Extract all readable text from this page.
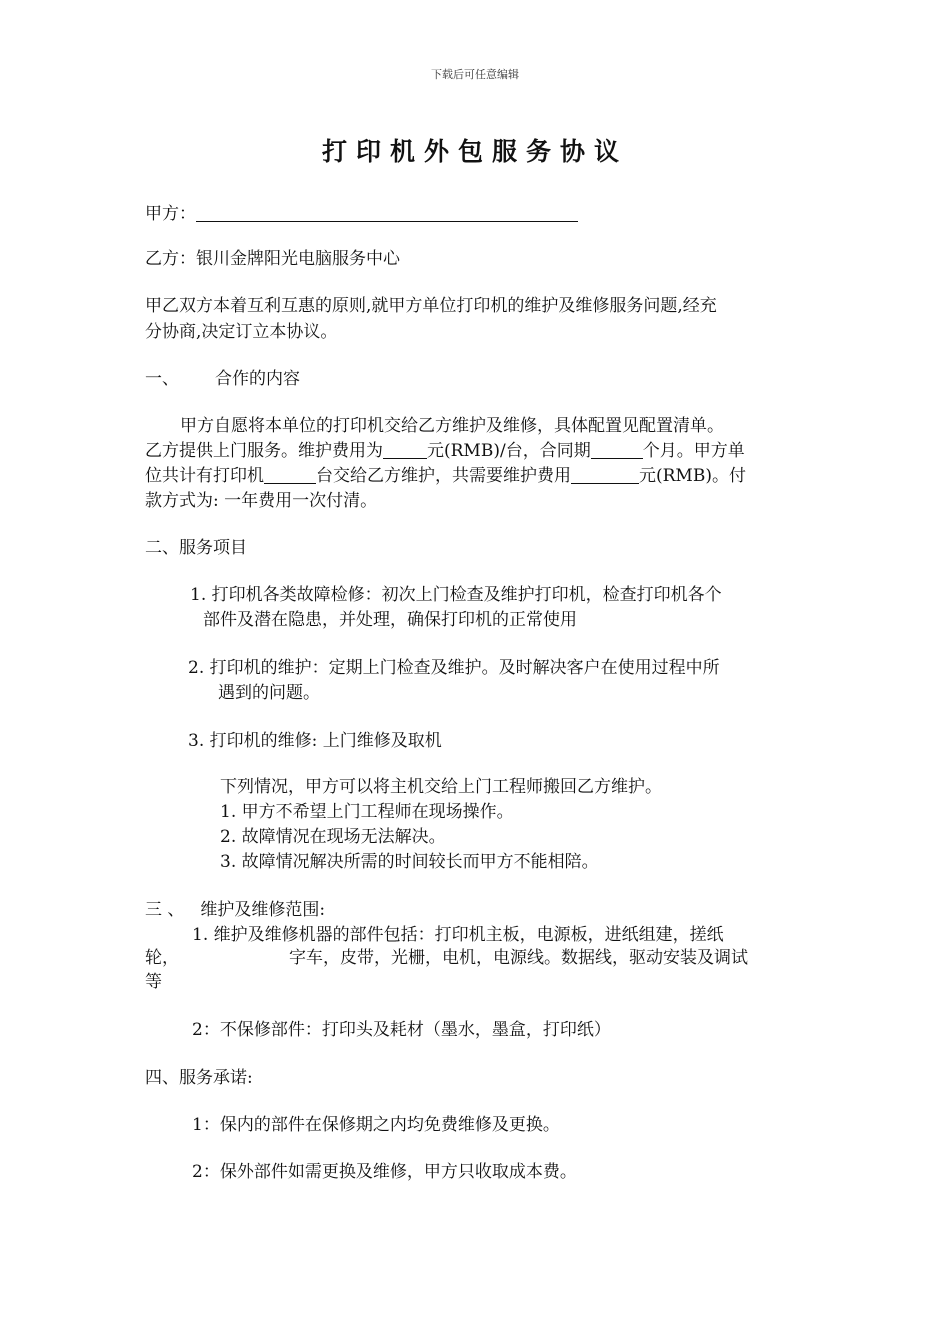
下载后可任意编辑
打印机外包服务协议
甲方：
乙方：银川金牌阳光电脑服务中心
甲乙双方本着互利互惠的原则,就甲方单位打印机的维护及维修服务问题,经充
分协商,决定订立本协议。
一、 合作的内容
甲方自愿将本单位的打印机交给乙方维护及维修，具体配置见配置清单。
乙方提供上门服务。维护费用为	元(RMB)/台，合同期	个月。甲方单
位共计有打印机	台交给乙方维护，共需要维护费用	元(RMB)。付
款方式为: 一年费用一次付清。
二、服务项目
1. 打印机各类故障检修：初次上门检查及维护打印机，检查打印机各个
部件及潜在隐患，并处理，确保打印机的正常使用
2. 打印机的维护：定期上门检查及维护。及时解决客户在使用过程中所
遇到的问题。
3. 打印机的维修: 上门维修及取机
下列情况，甲方可以将主机交给上门工程师搬回乙方维护。
1. 甲方不希望上门工程师在现场操作。
2. 故障情况在现场无法解决。
3. 故障情况解决所需的时间较长而甲方不能相陪。
三 、 维护及维修范围:
1. 维护及维修机器的部件包括：打印机主板，电源板，进纸组建，搓纸
轮，	字车，皮带，光栅，电机，电源线。数据线，驱动安装及调试
等
2：不保修部件：打印头及耗材（墨水，墨盒，打印纸）
四、服务承诺:
1：保内的部件在保修期之内均免费维修及更换。
2：保外部件如需更换及维修，甲方只收取成本费。
